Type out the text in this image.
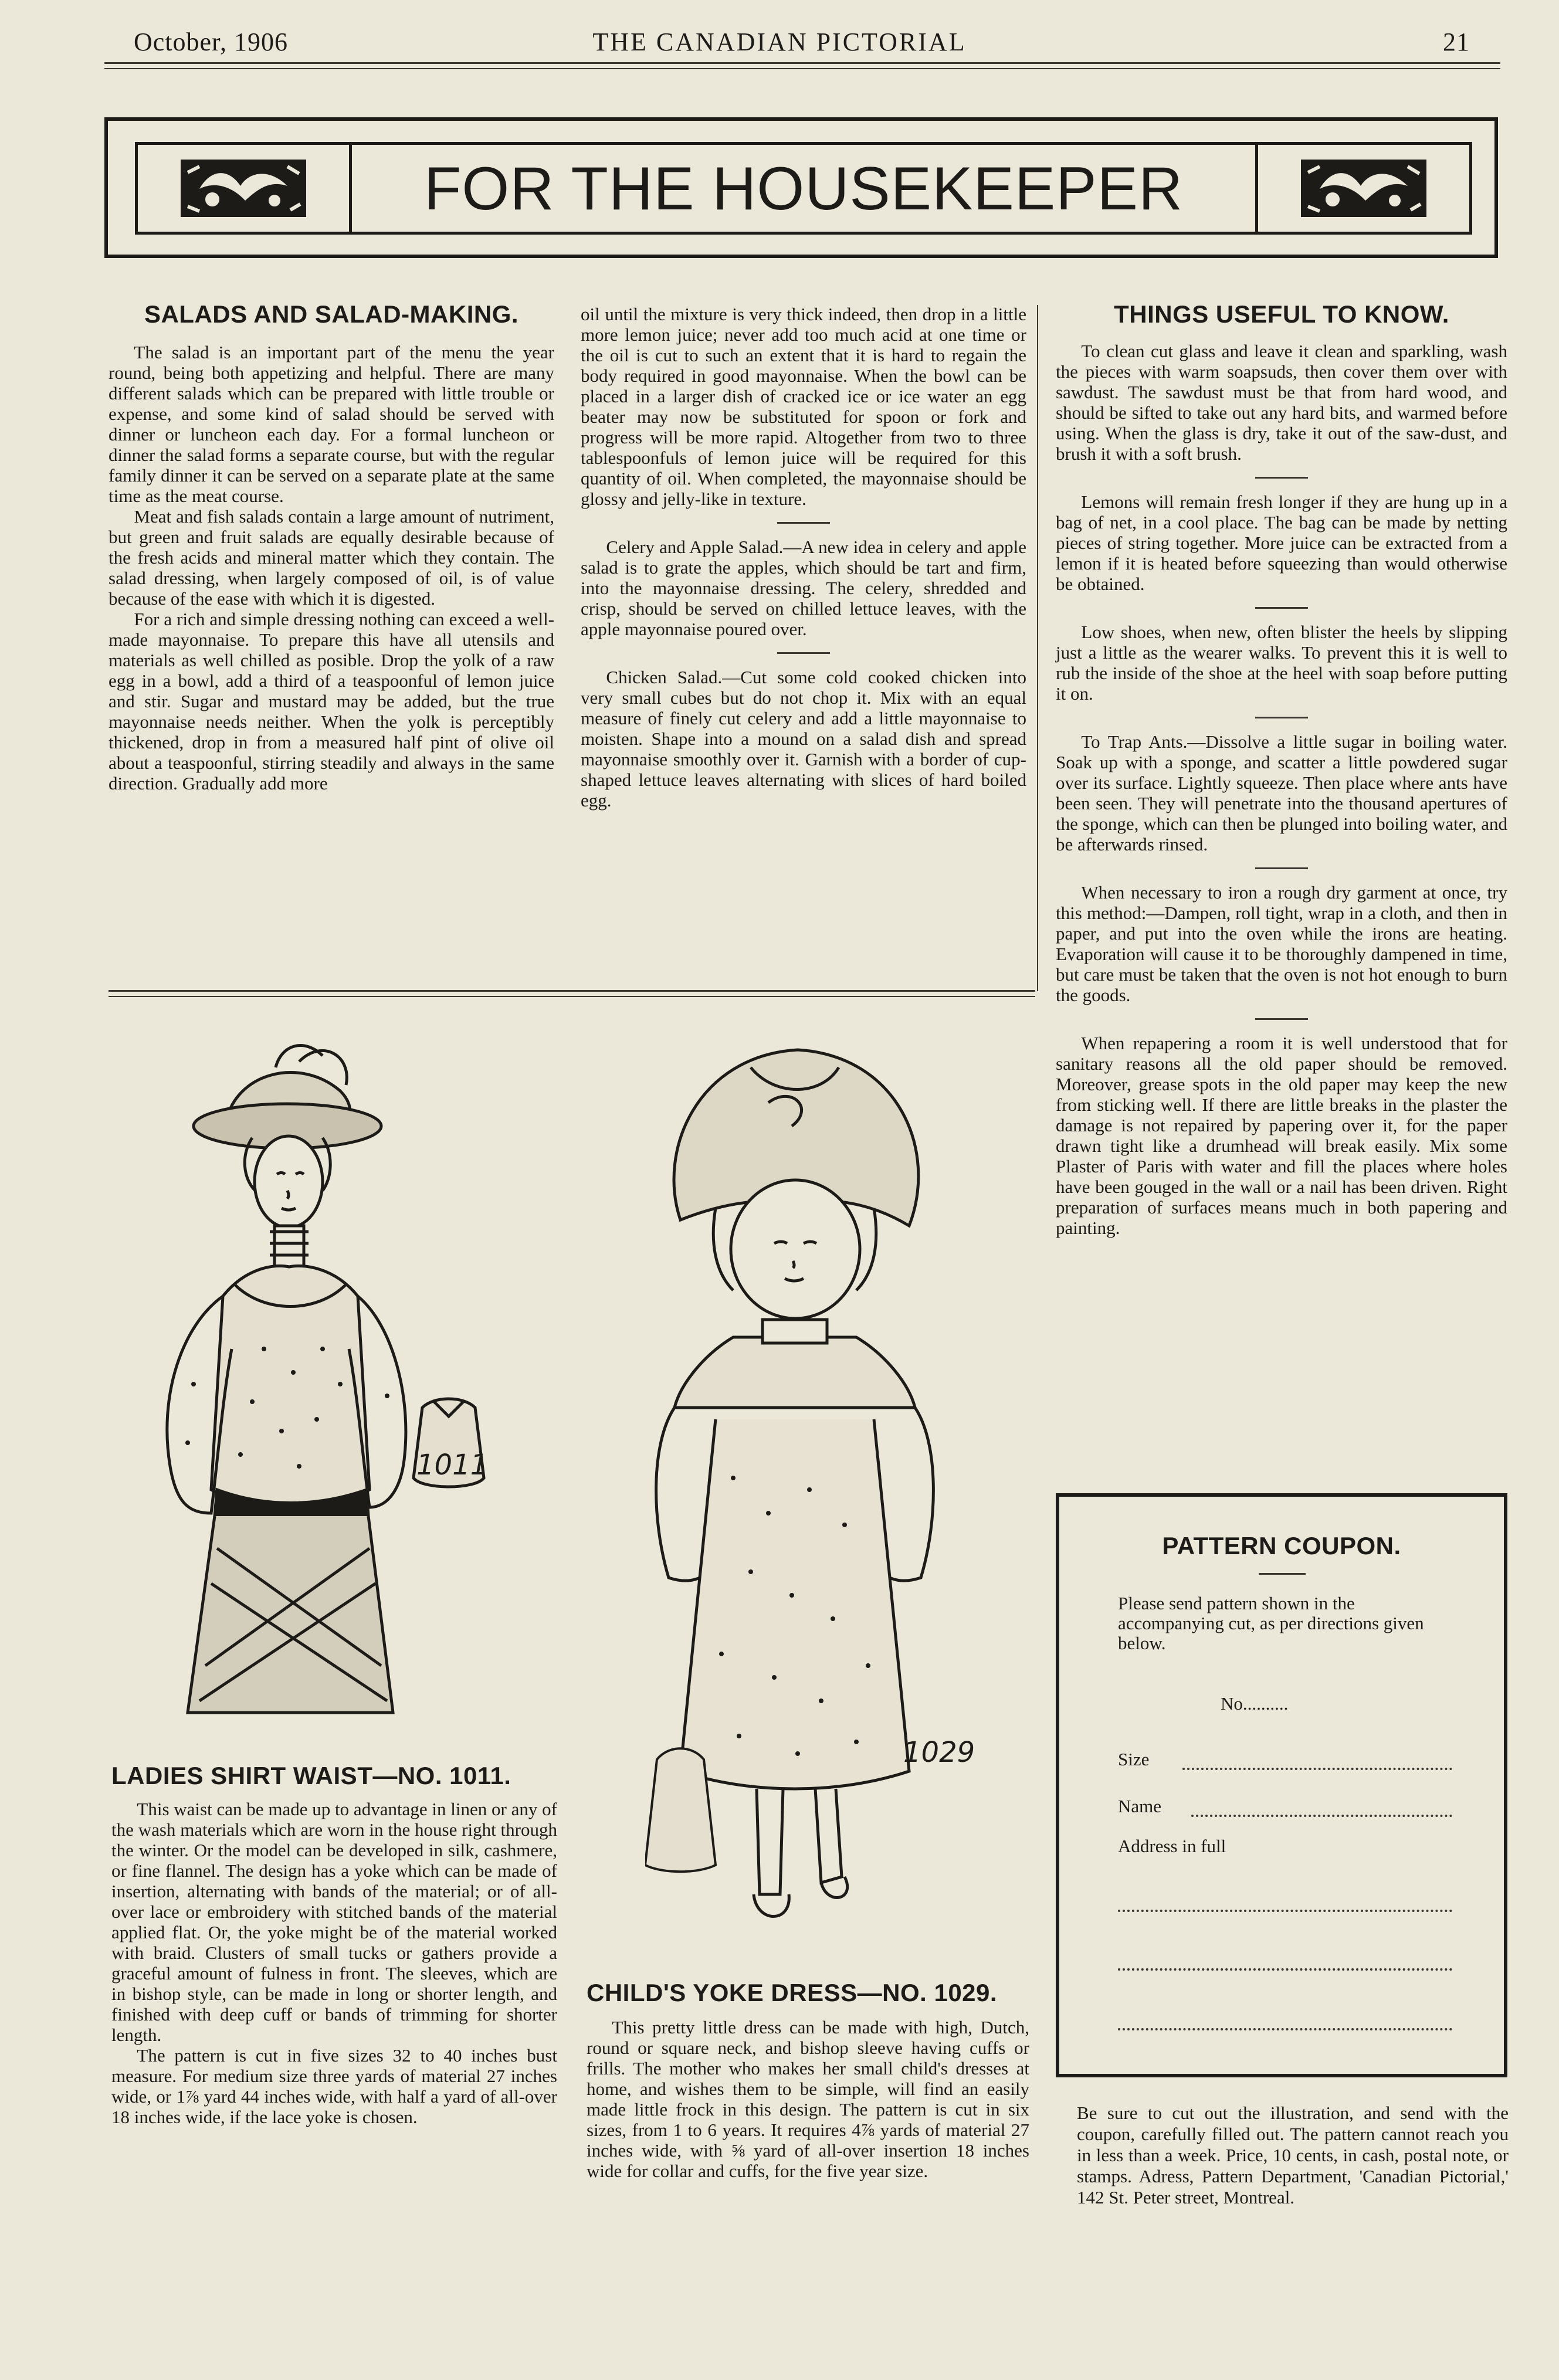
October, 1906	THE CANADIAN PICTORIAL	21
FOR THE HOUSEKEEPER
SALADS AND SALAD-MAKING.

The salad is an important part of the menu the year round, being both appetizing and helpful. There are many different salads which can be prepared with little trouble or expense, and some kind of salad should be served with dinner or luncheon each day. For a formal luncheon or dinner the salad forms a separate course, but with the regular family dinner it can be served on a separate plate at the same time as the meat course.

Meat and fish salads contain a large amount of nutriment, but green and fruit salads are equally desirable because of the fresh acids and mineral matter which they contain. The salad dressing, when largely composed of oil, is of value because of the ease with which it is digested.

For a rich and simple dressing nothing can exceed a well-made mayonnaise. To prepare this have all utensils and materials as well chilled as posible. Drop the yolk of a raw egg in a bowl, add a third of a teaspoonful of lemon juice and stir. Sugar and mustard may be added, but the true mayonnaise needs neither. When the yolk is perceptibly thickened, drop in from a measured half pint of olive oil about a teaspoonful, stirring steadily and always in the same direction. Gradually add more

oil until the mixture is very thick indeed, then drop in a little more lemon juice; never add too much acid at one time or the oil is cut to such an extent that it is hard to regain the body required in good mayonnaise. When the bowl can be placed in a larger dish of cracked ice or ice water an egg beater may now be substituted for spoon or fork and progress will be more rapid. Altogether from two to three tablespoonfuls of lemon juice will be required for this quantity of oil. When completed, the mayonnaise should be glossy and jelly-like in texture.

Celery and Apple Salad.—A new idea in celery and apple salad is to grate the apples, which should be tart and firm, into the mayonnaise dressing. The celery, shredded and crisp, should be served on chilled lettuce leaves, with the apple mayonnaise poured over.

Chicken Salad.—Cut some cold cooked chicken into very small cubes but do not chop it. Mix with an equal measure of finely cut celery and add a little mayonnaise to moisten. Shape into a mound on a salad dish and spread mayonnaise smoothly over it. Garnish with a border of cup-shaped lettuce leaves alternating with slices of hard boiled egg.

THINGS USEFUL TO KNOW.

To clean cut glass and leave it clean and sparkling, wash the pieces with warm soapsuds, then cover them over with sawdust. The sawdust must be that from hard wood, and should be sifted to take out any hard bits, and warmed before using. When the glass is dry, take it out of the saw-dust, and brush it with a soft brush.

Lemons will remain fresh longer if they are hung up in a bag of net, in a cool place. The bag can be made by netting pieces of string together. More juice can be extracted from a lemon if it is heated before squeezing than would otherwise be obtained.

Low shoes, when new, often blister the heels by slipping just a little as the wearer walks. To prevent this it is well to rub the inside of the shoe at the heel with soap before putting it on.

To Trap Ants.—Dissolve a little sugar in boiling water. Soak up with a sponge, and scatter a little powdered sugar over its surface. Lightly squeeze. Then place where ants have been seen. They will penetrate into the thousand apertures of the sponge, which can then be plunged into boiling water, and be afterwards rinsed.

When necessary to iron a rough dry garment at once, try this method:—Dampen, roll tight, wrap in a cloth, and then in paper, and put into the oven while the irons are heating. Evaporation will cause it to be thoroughly dampened in time, but care must be taken that the oven is not hot enough to burn the goods.

When repapering a room it is well understood that for sanitary reasons all the old paper should be removed. Moreover, grease spots in the old paper may keep the new from sticking well. If there are little breaks in the plaster the damage is not repaired by papering over it, for the paper drawn tight like a drumhead will break easily. Mix some Plaster of Paris with water and fill the places where holes have been gouged in the wall or a nail has been driven. Right preparation of surfaces means much in both papering and painting.

PATTERN COUPON.
Please send pattern shown in the accompanying cut, as per directions given below.
No..........
Size
Name
Address in full
Be sure to cut out the illustration, and send with the coupon, carefully filled out. The pattern cannot reach you in less than a week. Price, 10 cents, in cash, postal note, or stamps. Adress, Pattern Department, 'Canadian Pictorial,' 142 St. Peter street, Montreal.
1011
1029
LADIES SHIRT WAIST—NO. 1011.

This waist can be made up to advantage in linen or any of the wash materials which are worn in the house right through the winter. Or the model can be developed in silk, cashmere, or fine flannel. The design has a yoke which can be made of insertion, alternating with bands of the material; or of all-over lace or embroidery with stitched bands of the material applied flat. Or, the yoke might be of the material worked with braid. Clusters of small tucks or gathers provide a graceful amount of fulness in front. The sleeves, which are in bishop style, can be made in long or shorter length, and finished with deep cuff or bands of trimming for shorter length.

The pattern is cut in five sizes 32 to 40 inches bust measure. For medium size three yards of material 27 inches wide, or 1⅞ yard 44 inches wide, with half a yard of all-over 18 inches wide, if the lace yoke is chosen.

CHILD'S YOKE DRESS—NO. 1029.

This pretty little dress can be made with high, Dutch, round or square neck, and bishop sleeve having cuffs or frills. The mother who makes her small child's dresses at home, and wishes them to be simple, will find an easily made little frock in this design. The pattern is cut in six sizes, from 1 to 6 years. It requires 4⅞ yards of material 27 inches wide, with ⅝ yard of all-over insertion 18 inches wide for collar and cuffs, for the five year size.
